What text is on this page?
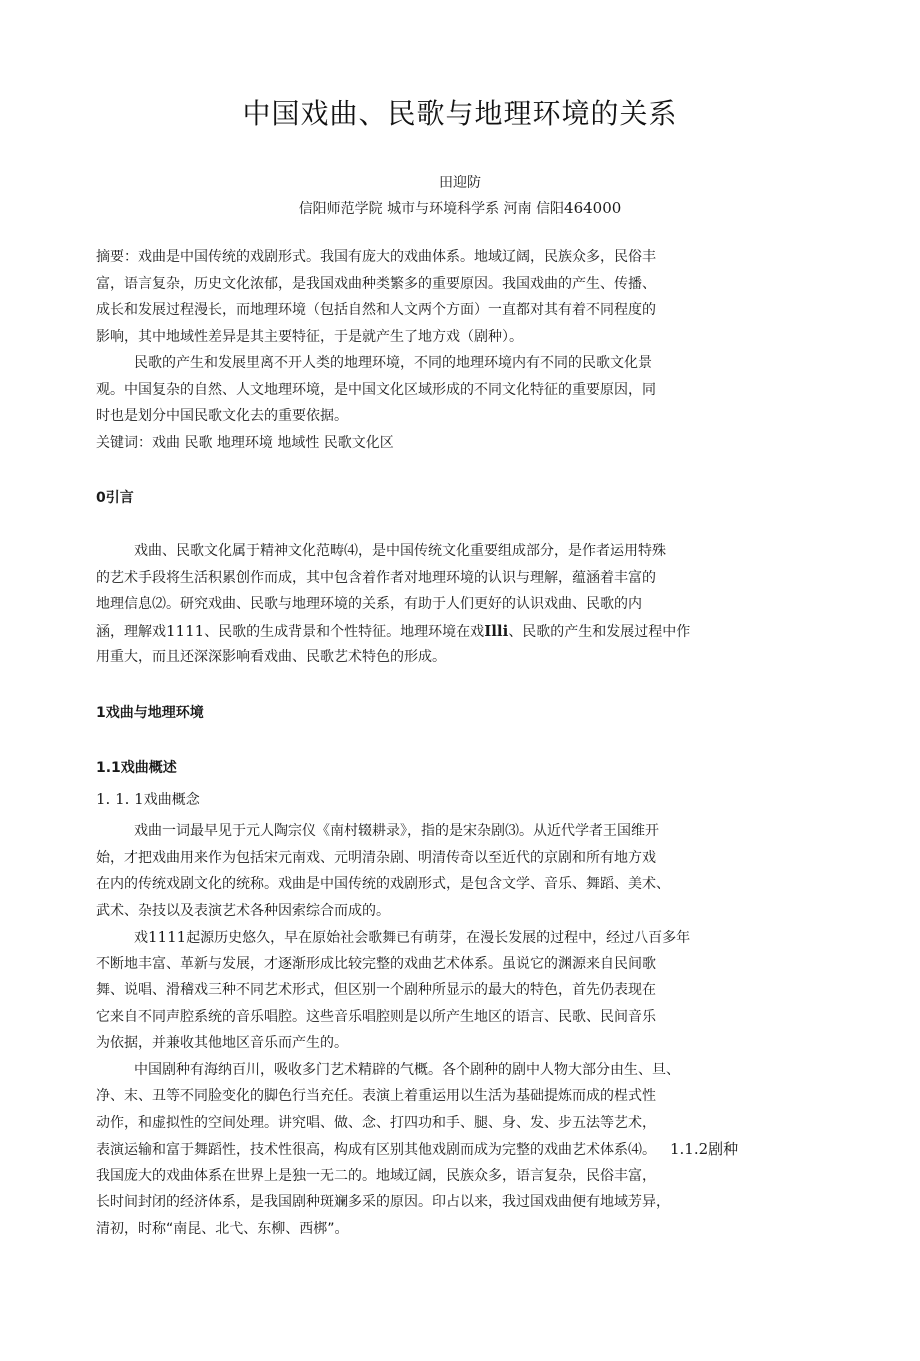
中国戏曲、民歌与地理环境的关系
田迎防
信阳师范学院 城市与环境科学系 河南 信阳464000
摘要：戏曲是中国传统的戏剧形式。我国有庞大的戏曲体系。地域辽阔，民族众多，民俗丰
富，语言复杂，历史文化浓郁，是我国戏曲种类繁多的重要原因。我国戏曲的产生、传播、
成长和发展过程漫长，而地理环境（包括自然和人文两个方面）一直都对其有着不同程度的
影响，其中地域性差异是其主要特征，于是就产生了地方戏（剧种）。
民歌的产生和发展里离不开人类的地理环境，不同的地理环境内有不同的民歌文化景
观。中国复杂的自然、人文地理环境，是中国文化区域形成的不同文化特征的重要原因，同
时也是划分中国民歌文化去的重要依据。
关键词：戏曲 民歌 地理环境 地域性 民歌文化区
0引言
戏曲、民歌文化属于精神文化范畴⑷，是中国传统文化重要组成部分，是作者运用特殊
的艺术手段将生活积累创作而成，其中包含着作者对地理环境的认识与理解，蕴涵着丰富的
地理信息⑵。研究戏曲、民歌与地理环境的关系，有助于人们更好的认识戏曲、民歌的内
涵，理解戏1111、民歌的生成背景和个性特征。地理环境在戏Illi、民歌的产生和发展过程中作
用重大，而且还深深影响看戏曲、民歌艺术特色的形成。
1戏曲与地理环境
1.1戏曲概述
1. 1. 1戏曲概念
戏曲一词最早见于元人陶宗仪《南村辍耕录》，指的是宋杂剧⑶。从近代学者王国维开
始，才把戏曲用来作为包括宋元南戏、元明清杂剧、明清传奇以至近代的京剧和所有地方戏
在内的传统戏剧文化的统称。戏曲是中国传统的戏剧形式，是包含文学、音乐、舞蹈、美术、
武术、杂技以及表演艺术各种因索综合而成的。
戏1111起源历史悠久，早在原始社会歌舞已有萌芽，在漫长发展的过程中，经过八百多年
不断地丰富、革新与发展，才逐渐形成比较完整的戏曲艺术体系。虽说它的渊源来自民间歌
舞、说唱、滑稽戏三种不同艺术形式，但区别一个剧种所显示的最大的特色，首先仍表现在
它来自不同声腔系统的音乐唱腔。这些音乐唱腔则是以所产生地区的语言、民歌、民间音乐
为依据，并兼收其他地区音乐而产生的。
中国剧种有海纳百川，吸收多门艺术精辟的气概。各个剧种的剧中人物大部分由生、旦、
净、末、丑等不同脸变化的脚色行当充任。表演上着重运用以生活为基础提炼而成的桯式性
动作，和虚拟性的空间处理。讲究唱、做、念、打四功和手、腿、身、发、步五法等艺术，
表演运输和富于舞蹈性，技术性很高，构成有区别其他戏剧而成为完整的戏曲艺术体系⑷。 1.1.2剧种
我国庞大的戏曲体系在世界上是独一无二的。地域辽阔，民族众多，语言复杂，民俗丰富，
长时间封闭的经济体系，是我国剧种斑斓多采的原因。印占以来，我过国戏曲便有地域芳异，
清初，时称“南昆、北弋、东柳、西梆”。
